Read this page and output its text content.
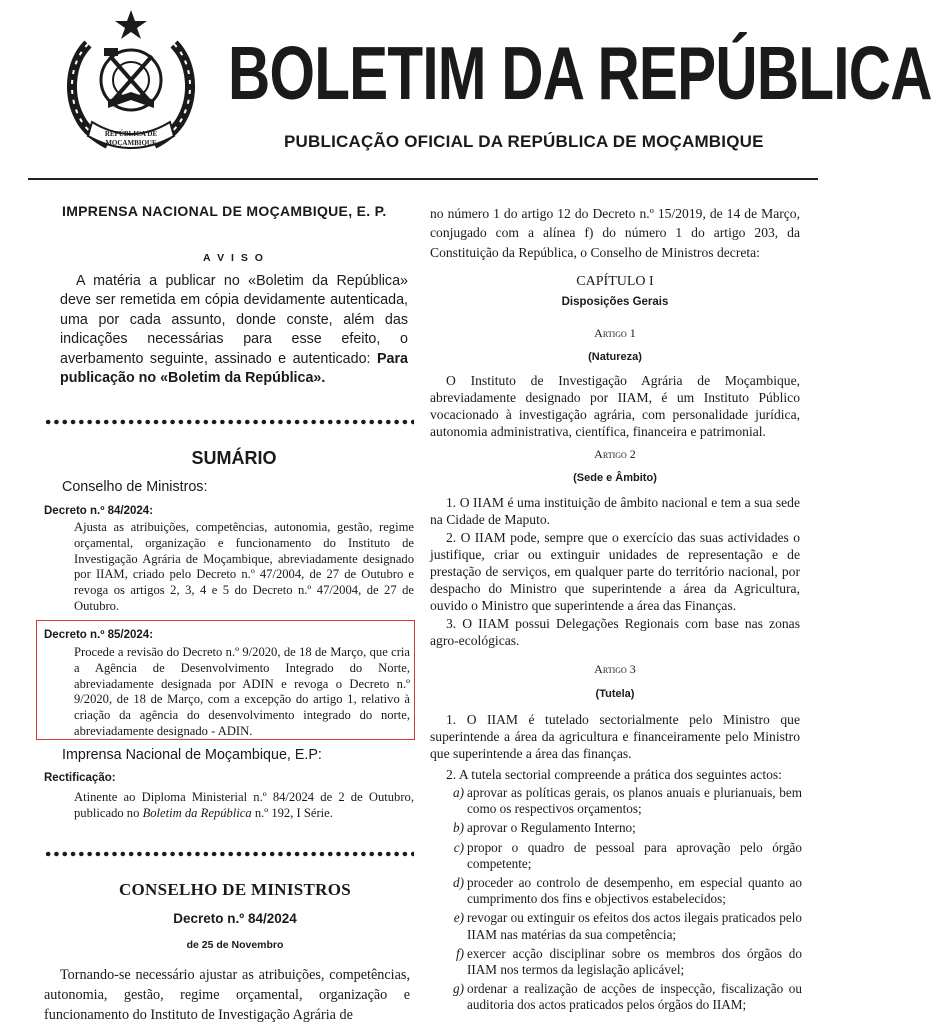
REPÚBLICA DE
MOÇAMBIQUE
BOLETIM DA REPÚBLICA
PUBLICAÇÃO OFICIAL DA REPÚBLICA DE MOÇAMBIQUE
IMPRENSA NACIONAL DE MOÇAMBIQUE, E. P.
A V I S O
A matéria a publicar no «Boletim da República» deve ser remetida em cópia devidamente autenticada, uma por cada assunto, donde conste, além das indicações necessárias para esse efeito, o averbamento seguinte, assinado e autenticado: Para publicação no «Boletim da República».
SUMÁRIO
Conselho de Ministros:
Decreto n.º 84/2024:
Ajusta as atribuições, competências, autonomia, gestão, regime orçamental, organização e funcionamento do Instituto de Investigação Agrária de Moçambique, abreviadamente designado por IIAM, criado pelo Decreto n.º 47/2004, de 27 de Outubro e revoga os artigos 2, 3, 4 e 5 do Decreto n.º 47/2004, de 27 de Outubro.
Decreto n.º 85/2024:
Procede a revisão do Decreto n.º 9/2020, de 18 de Março, que cria a Agência de Desenvolvimento Integrado do Norte, abreviadamente designada por ADIN e revoga o Decreto n.º 9/2020, de 18 de Março, com a excepção do artigo 1, relativo à criação da agência do desenvolvimento integrado do norte, abreviadamente designado - ADIN.
Imprensa Nacional de Moçambique, E.P:
Rectificação:
Atinente ao Diploma Ministerial n.º 84/2024 de 2 de Outubro, publicado no Boletim da República n.º 192, I Série.
CONSELHO DE MINISTROS
Decreto n.º 84/2024
de 25 de Novembro
Tornando-se necessário ajustar as atribuições, competências, autonomia, gestão, regime orçamental, organização e funcionamento do Instituto de Investigação Agrária de
no número 1 do artigo 12 do Decreto n.º 15/2019, de 14 de Março, conjugado com a alínea f) do número 1 do artigo 203, da Constituição da República, o Conselho de Ministros decreta:
CAPÍTULO I
Disposições Gerais
Artigo 1
(Natureza)
O Instituto de Investigação Agrária de Moçambique, abreviadamente designado por IIAM, é um Instituto Público vocacionado à investigação agrária, com personalidade jurídica, autonomia administrativa, científica, financeira e patrimonial.
Artigo 2
(Sede e Âmbito)
1. O IIAM é uma instituição de âmbito nacional e tem a sua sede na Cidade de Maputo.
2. O IIAM pode, sempre que o exercício das suas actividades o justifique, criar ou extinguir unidades de representação e de prestação de serviços, em qualquer parte do território nacional, por despacho do Ministro que superintende a área da Agricultura, ouvido o Ministro que superintende a área das Finanças.
3. O IIAM possui Delegações Regionais com base nas zonas agro-ecológicas.
Artigo 3
(Tutela)
1. O IIAM é tutelado sectorialmente pelo Ministro que superintende a área da agricultura e financeiramente pelo Ministro que superintende a área das finanças.
2. A tutela sectorial compreende a prática dos seguintes actos:
a) aprovar as políticas gerais, os planos anuais e plurianuais, bem como os respectivos orçamentos;
b) aprovar o Regulamento Interno;
c) propor o quadro de pessoal para aprovação pelo órgão competente;
d) proceder ao controlo de desempenho, em especial quanto ao cumprimento dos fins e objectivos estabelecidos;
e) revogar ou extinguir os efeitos dos actos ilegais praticados pelo IIAM nas matérias da sua competência;
f) exercer acção disciplinar sobre os membros dos órgãos do IIAM nos termos da legislação aplicável;
g) ordenar a realização de acções de inspecção, fiscalização ou auditoria dos actos praticados pelos órgãos do IIAM;
